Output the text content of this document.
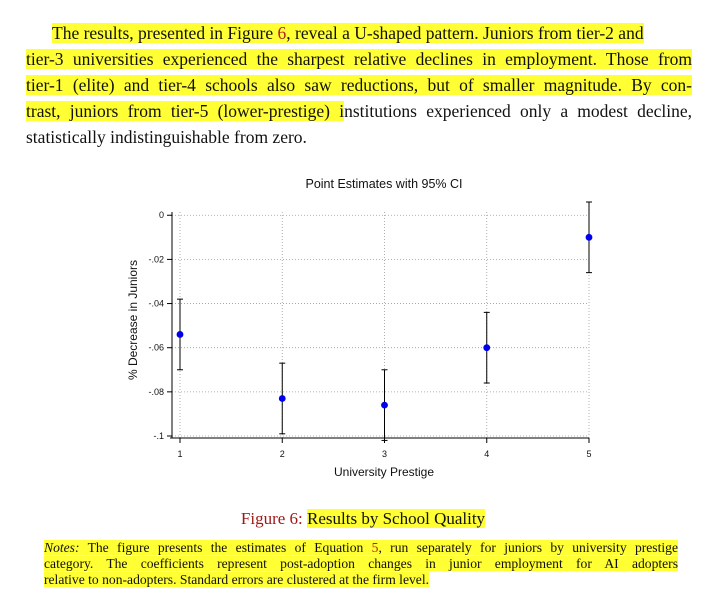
The results, presented in Figure 6, reveal a U-shaped pattern. Juniors from tier-2 and
tier-3 universities experienced the sharpest relative declines in employment. Those from
tier-1 (elite) and tier-4 schools also saw reductions, but of smaller magnitude. By con-
trast, juniors from tier-5 (lower-prestige) institutions experienced only a modest decline,
statistically indistinguishable from zero.
Point Estimates with 95% CI
0
-.02
-.04
-.06
-.08
-.1
1	2	3	4	5
University Prestige
% Decrease in Juniors
Figure 6: Results by School Quality
Notes: The figure presents the estimates of Equation 5, run separately for juniors by university prestige
category. The coefficients represent post-adoption changes in junior employment for AI adopters
relative to non-adopters. Standard errors are clustered at the firm level.
